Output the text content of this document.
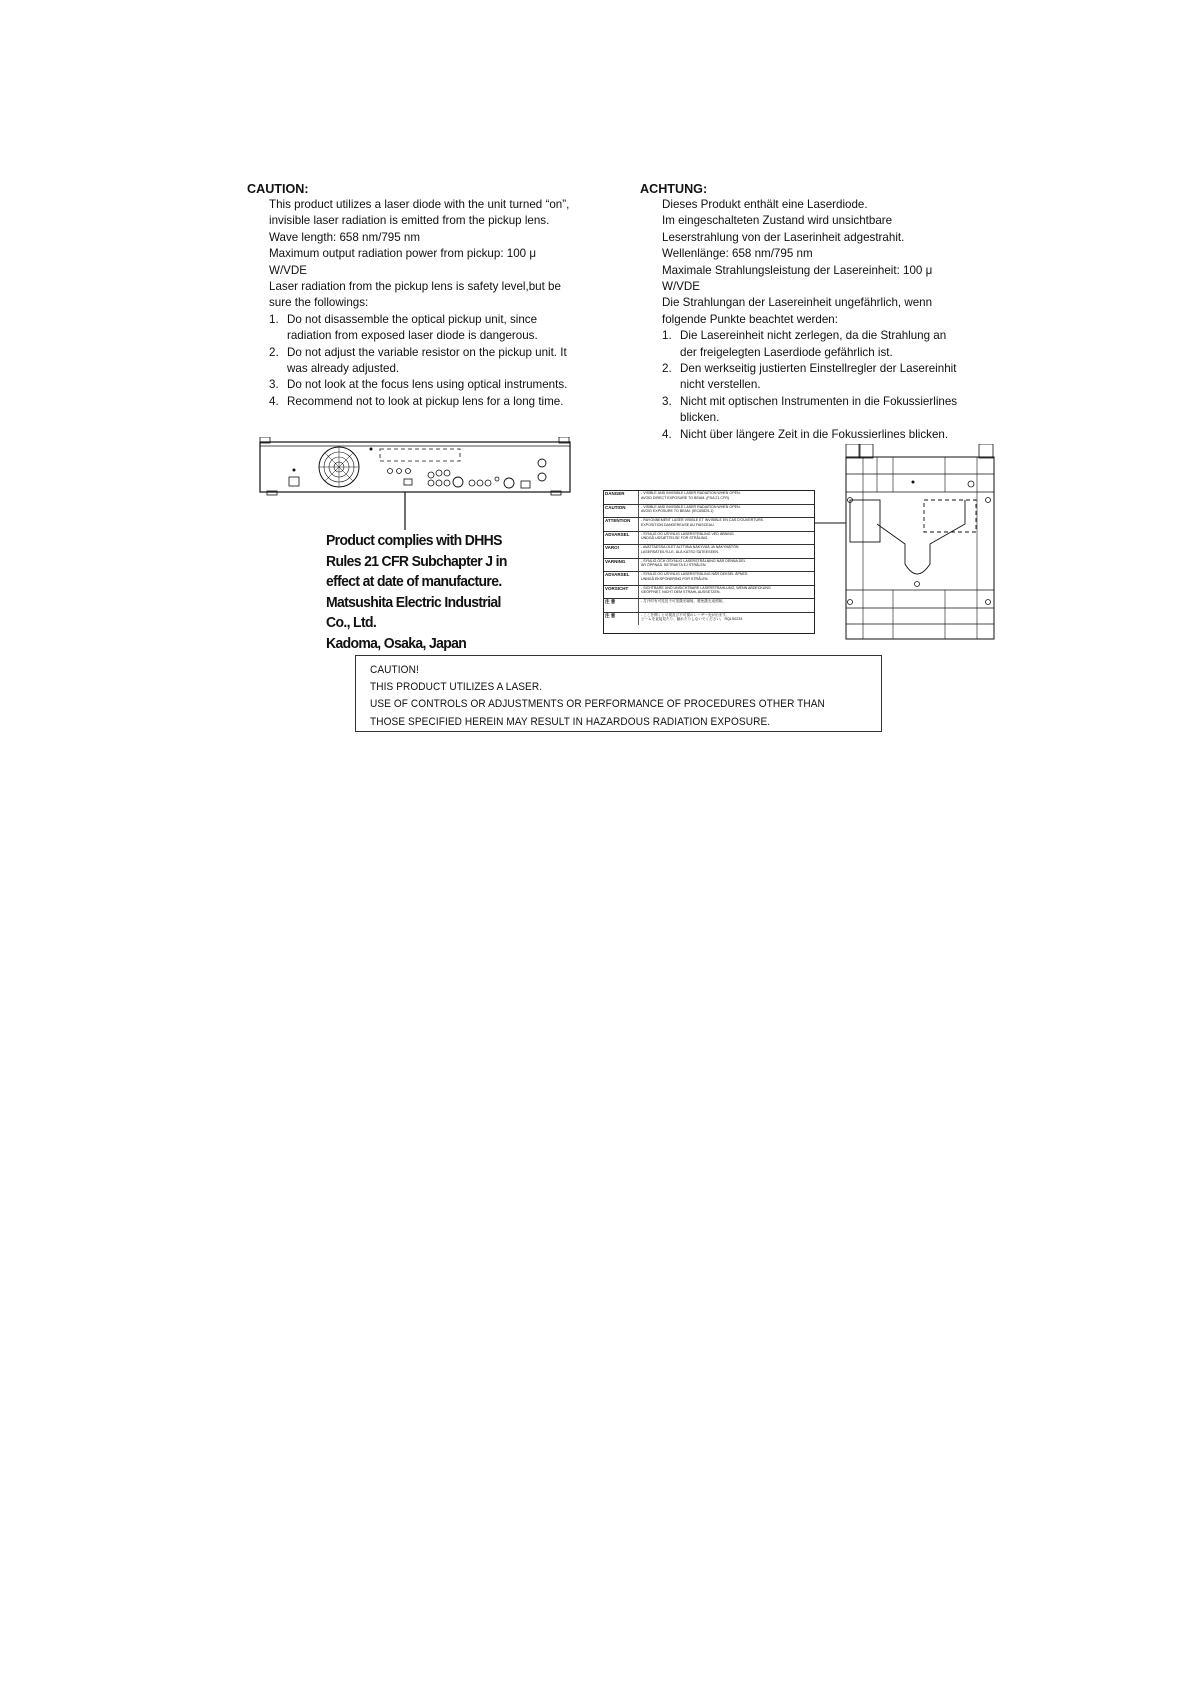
CAUTION:

This product utilizes a laser diode with the unit turned “on”,

invisible laser radiation is emitted from the pickup lens.

Wave length: 658 nm/795 nm

Maximum output radiation power from pickup: 100 μ

W/VDE

Laser radiation from the pickup lens is safety level,but be

sure the followings:

1. Do not disassemble the optical pickup unit, since
radiation from exposed laser diode is dangerous.
2. Do not adjust the variable resistor on the pickup unit. It
was already adjusted.
3. Do not look at the focus lens using optical instruments.
4. Recommend not to look at pickup lens for a long time.
ACHTUNG:

Dieses Produkt enthält eine Laserdiode.

Im eingeschalteten Zustand wird unsichtbare

Leserstrahlung von der Laserinheit adgestrahit.

Wellenlänge: 658 nm/795 nm

Maximale Strahlungsleistung der Lasereinheit: 100 μ

W/VDE

Die Strahlungan der Lasereinheit ungefährlich, wenn

folgende Punkte beachtet werden:

1. Die Lasereinheit nicht zerlegen, da die Strahlung an
der freigelegten Laserdiode gefährlich ist.
2. Den werkseitig justierten Einstellregler der Lasereinhit
nicht verstellen.
3. Nicht mit optischen Instrumenten in die Fokussierlines
blicken.
4. Nicht über längere Zeit in die Fokussierlines blicken.
Product complies with DHHS
Rules 21 CFR Subchapter J in
effect at date of manufacture.
Matsushita Electric Industrial
Co., Ltd.
Kadoma, Osaka, Japan
DANGER	- VISIBLE AND INVISIBLE LASER RADIATION WHEN OPEN.
AVOID DIRECT EXPOSURE TO BEAM. (FDA 21 CFR)
CAUTION	- VISIBLE AND INVISIBLE LASER RADIATION WHEN OPEN.
AVOID EXPOSURE TO BEAM. (IEC60825-1)
ATTENTION	- RAYONNEMENT LASER VISIBLE ET INVISIBLE EN CAS D'OUVERTURE.
EXPOSITION DANGEREUSE AU FAISCEAU.
ADVARSEL	- SYNLIG OG USYNLIG LASERSTRÅLING VED ÅBNING.
UNDGÅ UDSÆTTELSE FOR STRÅLING.
VARO!	- AVATTAESSA OLET ALTTIINA NÄKYVÄÄ JA NÄKYMÄTÖN
LASERSÄTEILYLLE. ÄLÄ KATSO SÄTEESEEN.
VARNING	- SYNLIG OCH OSYNLIG LASERSTRÅLNING NÄR DENNA DEL
ÄR ÖPPNAD. BETRAKTA EJ STRÅLEN.
ADVARSEL	- SYNLIG OG USYNLIG LASERSTRÅLING NÅR DEKSEL ÅPNES.
UNNGÅ EKSPONERING FOR STRÅLEN.
VORSICHT	- SICHTBARE UND UNSICHTBARE LASERSTRAHLUNG, WENN ABDECKUNG
GEÖFFNET. NICHT DEM STRAHL AUSSETZEN.
注 意	- 打开时有可见及不可见激光辐射。避免激光束照射。
注 意	- ここを開くと可視及び不可視のレーザー光が出ます。
ビームを直接見たり、触れたりしないでください。 RQLS0233
CAUTION!
THIS PRODUCT UTILIZES A LASER.
USE OF CONTROLS OR ADJUSTMENTS OR PERFORMANCE OF PROCEDURES OTHER THAN
THOSE SPECIFIED HEREIN MAY RESULT IN HAZARDOUS RADIATION EXPOSURE.
